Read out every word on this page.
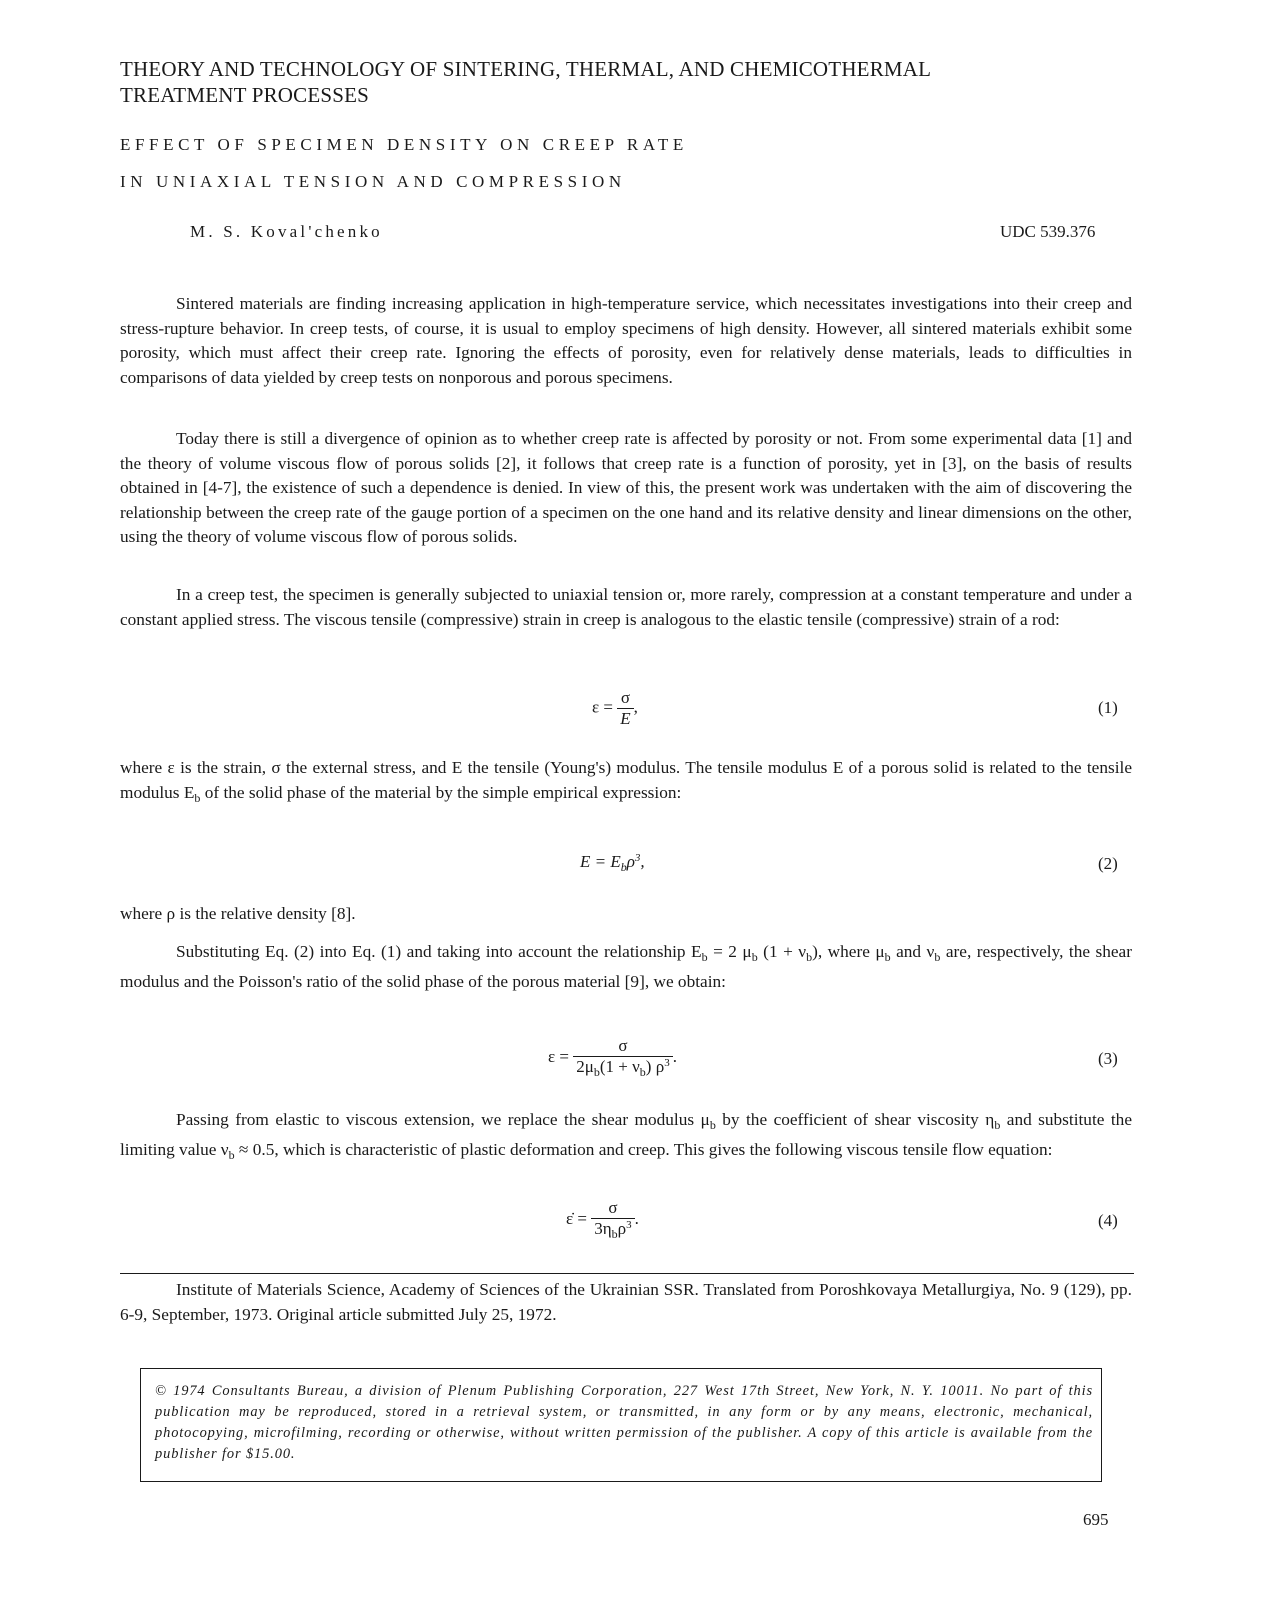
THEORY AND TECHNOLOGY OF SINTERING, THERMAL, AND CHEMICOTHERMAL
TREATMENT PROCESSES
EFFECT OF SPECIMEN DENSITY ON CREEP RATE
IN UNIAXIAL TENSION AND COMPRESSION
M. S. Koval'chenko	UDC 539.376

Sintered materials are finding increasing application in high-temperature service, which necessitates investigations into their creep and stress-rupture behavior. In creep tests, of course, it is usual to employ specimens of high density. However, all sintered materials exhibit some porosity, which must affect their creep rate. Ignoring the effects of porosity, even for relatively dense materials, leads to difficulties in comparisons of data yielded by creep tests on nonporous and porous specimens.

Today there is still a divergence of opinion as to whether creep rate is affected by porosity or not. From some experimental data [1] and the theory of volume viscous flow of porous solids [2], it follows that creep rate is a function of porosity, yet in [3], on the basis of results obtained in [4-7], the existence of such a dependence is denied. In view of this, the present work was undertaken with the aim of discovering the relationship between the creep rate of the gauge portion of a specimen on the one hand and its relative density and linear dimensions on the other, using the theory of volume viscous flow of porous solids.

In a creep test, the specimen is generally subjected to uniaxial tension or, more rarely, compression at a constant temperature and under a constant applied stress. The viscous tensile (compressive) strain in creep is analogous to the elastic tensile (compressive) strain of a rod:

$\varepsilon = \frac{\sigma}{E}$ ,	(1)

where ε is the strain, σ the external stress, and E the tensile (Young's) modulus. The tensile modulus E of a porous solid is related to the tensile modulus $E_b$ of the solid phase of the material by the simple empirical expression:

$E = E_b\rho^3$,	(2)

where ρ is the relative density [8].

Substituting Eq. (2) into Eq. (1) and taking into account the relationship $E_b = 2$ $\mu_b$ $(1 + \nu_b)$, where $\mu_b$ and $\nu_b$ are, respectively, the shear modulus and the Poisson's ratio of the solid phase of the porous material [9], we obtain:

$\varepsilon = \frac{\sigma}{2\mu_b(1 + \nu_b) \rho^3}$ .	(3)

Passing from elastic to viscous extension, we replace the shear modulus $\mu_b$ by the coefficient of shear viscosity $\eta_b$ and substitute the limiting value $\nu_b \approx 0.5$, which is characteristic of plastic deformation and creep. This gives the following viscous tensile flow equation:

ε̇ = $\frac{\sigma}{3\eta_b\rho^3}$ .	(4)

Institute of Materials Science, Academy of Sciences of the Ukrainian SSR. Translated from Poroshkovaya Metallurgiya, No. 9 (129), pp. 6-9, September, 1973. Original article submitted July 25, 1972.

© 1974 Consultants Bureau, a division of Plenum Publishing Corporation, 227 West 17th Street, New York, N. Y. 10011. No part of this publication may be reproduced, stored in a retrieval system, or transmitted, in any form or by any means, electronic, mechanical, photocopying, microfilming, recording or otherwise, without written permission of the publisher. A copy of this article is available from the publisher for $15.00.
695
